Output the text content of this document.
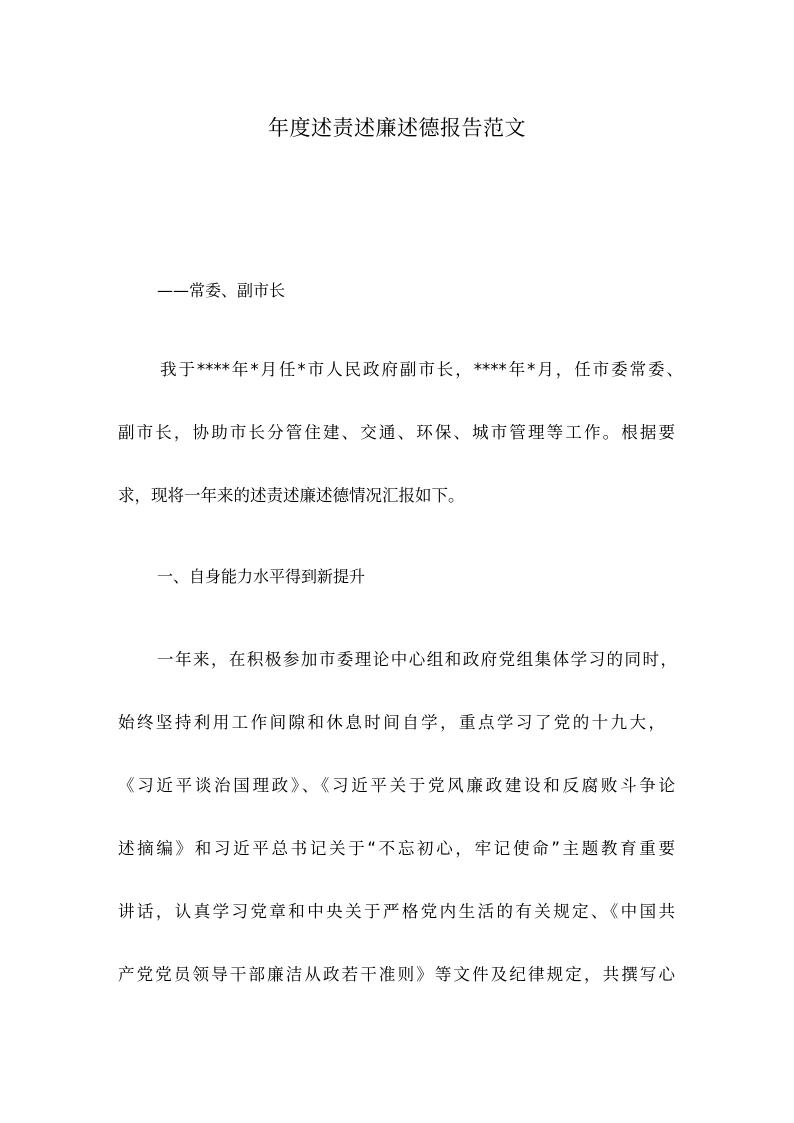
年度述责述廉述德报告范文
——常委、副市长
我于****年*月任*市人民政府副市长，****年*月，任市委常委、
副市长，协助市长分管住建、交通、环保、城市管理等工作。根据要
求，现将一年来的述责述廉述德情况汇报如下。
一、自身能力水平得到新提升
一年来，在积极参加市委理论中心组和政府党组集体学习的同时，
始终坚持利用工作间隙和休息时间自学，重点学习了党的十九大，
《习近平谈治国理政》、《习近平关于党风廉政建设和反腐败斗争论
述摘编》和习近平总书记关于“不忘初心，牢记使命”主题教育重要
讲话，认真学习党章和中央关于严格党内生活的有关规定、《中国共
产党党员领导干部廉洁从政若干准则》等文件及纪律规定，共撰写心
